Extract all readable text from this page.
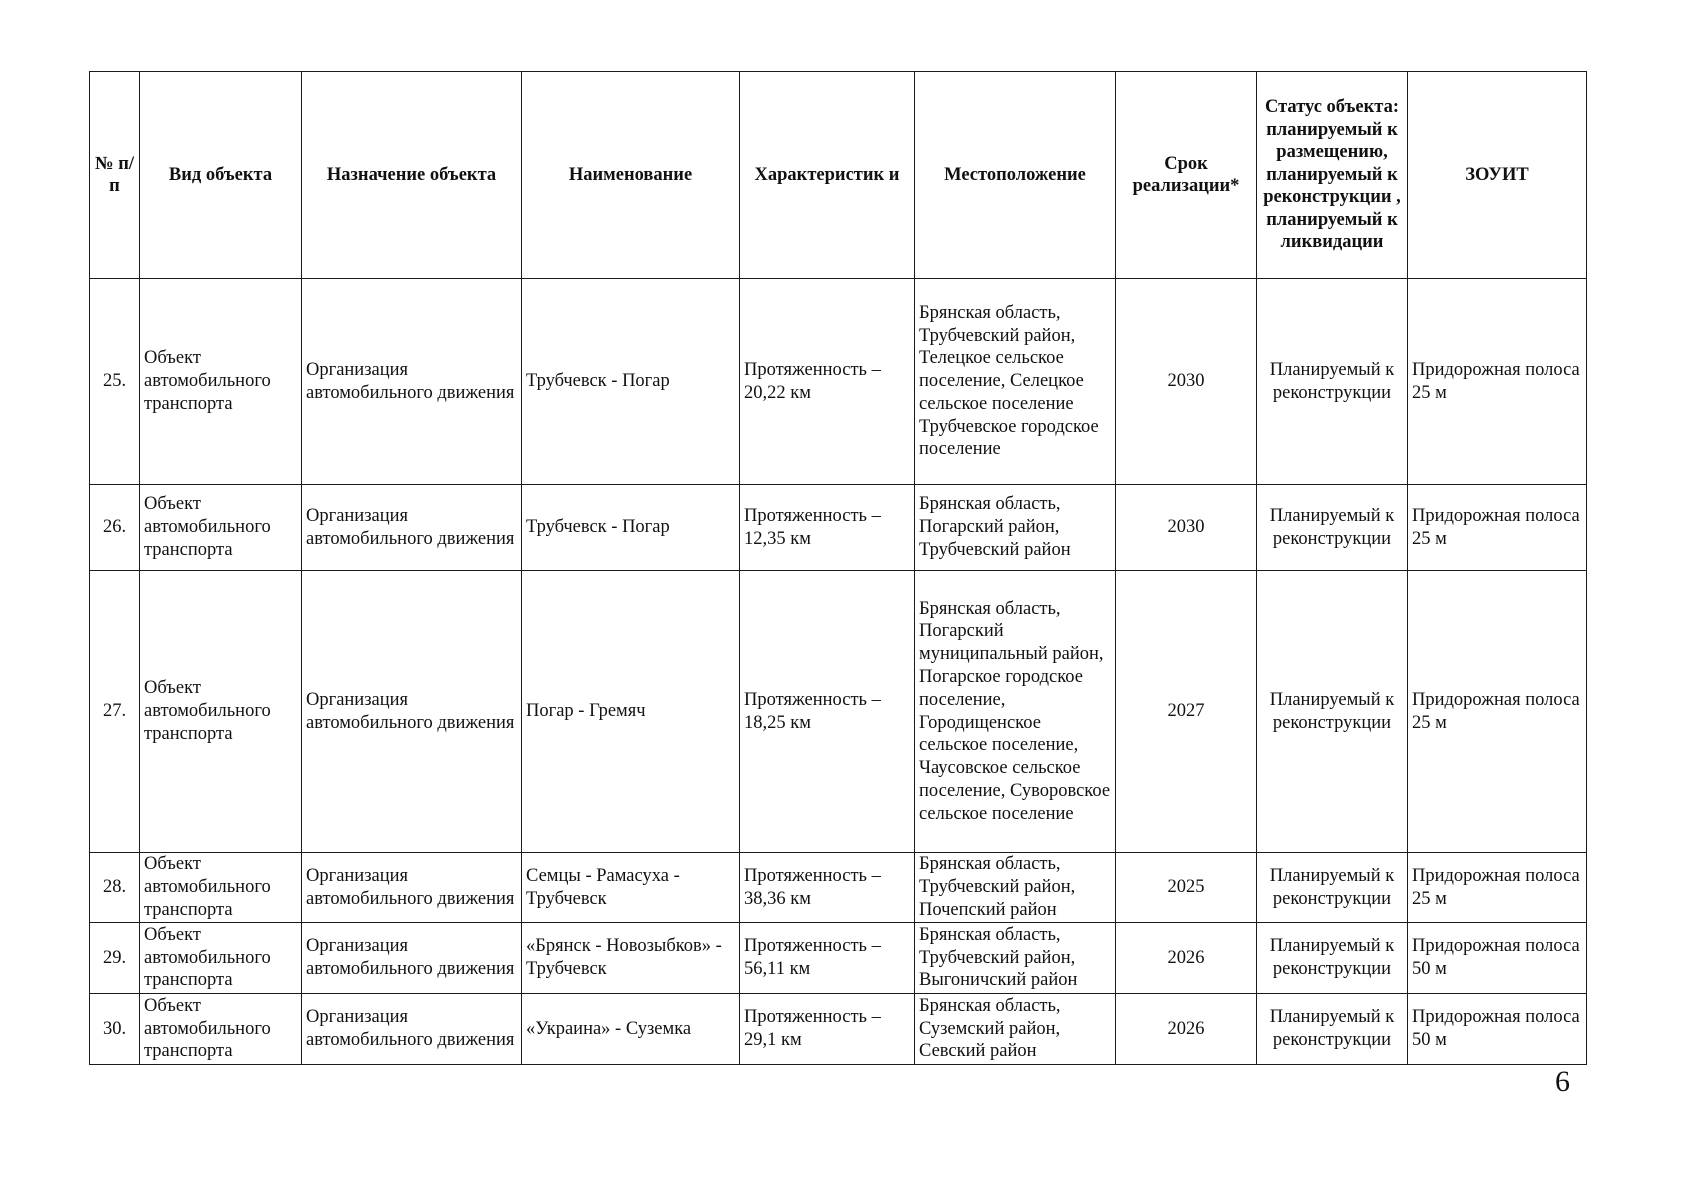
№ п/п	Вид объекта	Назначение объекта	Наименование	Характеристик и	Местоположение	Срок реализации*	Статус объекта: планируемый к размещению, планируемый к реконструкции , планируемый к ликвидации	ЗОУИТ
25.	Объект автомобильного транспорта	Организация автомобильного движения	Трубчевск - Погар	Протяженность – 20,22 км	Брянская область, Трубчевский район, Телецкое сельское поселение, Селецкое сельское поселение Трубчевское городское поселение	2030	Планируемый к реконструкции	Придорожная полоса 25 м
26.	Объект автомобильного транспорта	Организация автомобильного движения	Трубчевск - Погар	Протяженность – 12,35 км	Брянская область, Погарский район, Трубчевский район	2030	Планируемый к реконструкции	Придорожная полоса 25 м
27.	Объект автомобильного транспорта	Организация автомобильного движения	Погар - Гремяч	Протяженность – 18,25 км	Брянская область, Погарский муниципальный район, Погарское городское поселение, Городищенское сельское поселение, Чаусовское сельское поселение, Суворовское сельское поселение	2027	Планируемый к реконструкции	Придорожная полоса 25 м
28.	Объект автомобильного транспорта	Организация автомобильного движения	Семцы - Рамасуха - Трубчевск	Протяженность – 38,36 км	Брянская область, Трубчевский район, Почепский район	2025	Планируемый к реконструкции	Придорожная полоса 25 м
29.	Объект автомобильного транспорта	Организация автомобильного движения	«Брянск - Новозыбков» - Трубчевск	Протяженность – 56,11 км	Брянская область, Трубчевский район, Выгоничский район	2026	Планируемый к реконструкции	Придорожная полоса 50 м
30.	Объект автомобильного транспорта	Организация автомобильного движения	«Украина» - Суземка	Протяженность – 29,1 км	Брянская область, Суземский район, Севский район	2026	Планируемый к реконструкции	Придорожная полоса 50 м
6
